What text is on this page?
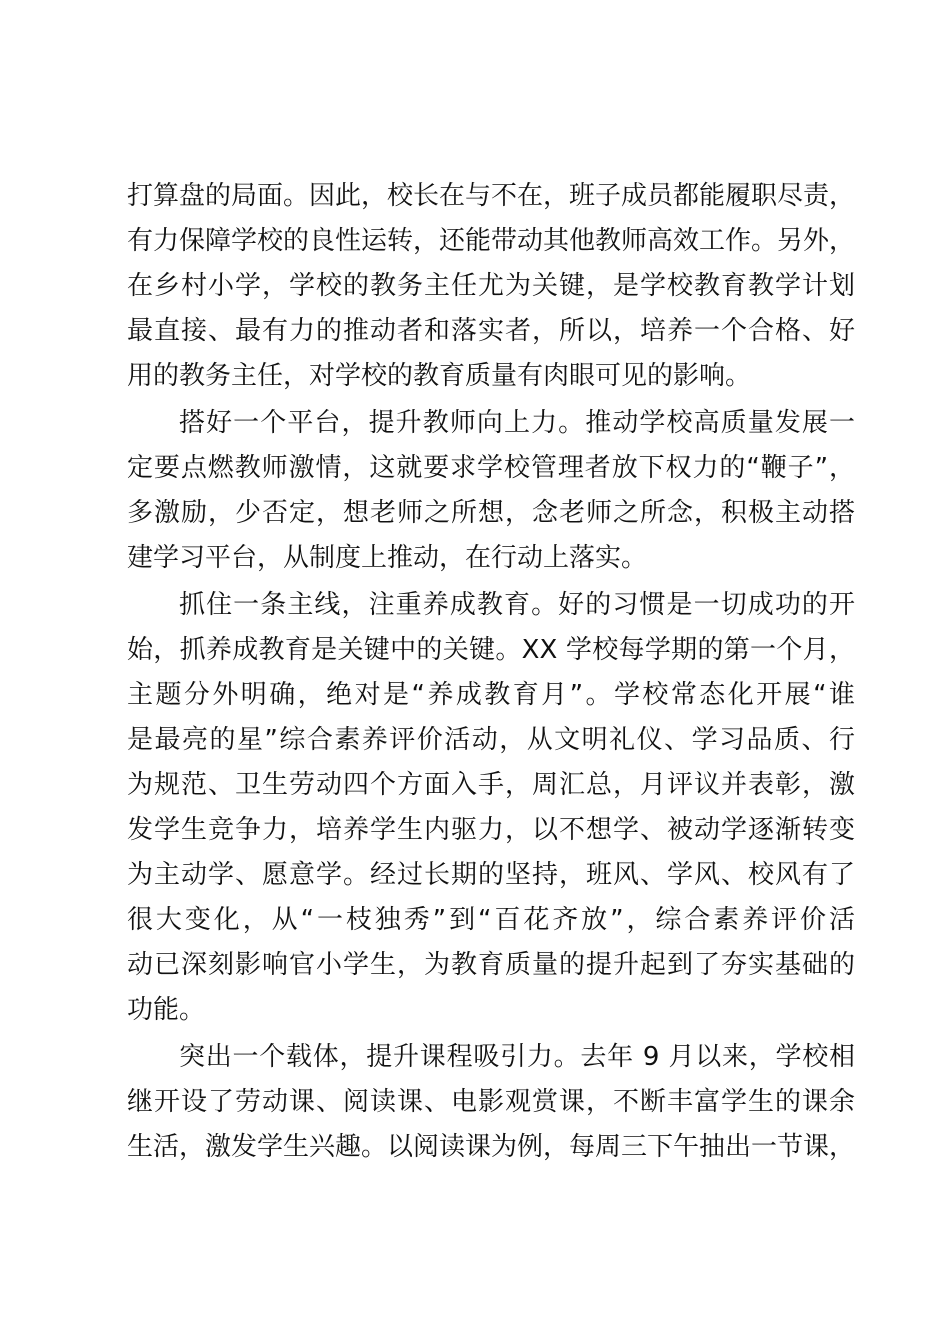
打算盘的局面。因此，校长在与不在，班子成员都能履职尽责，
有力保障学校的良性运转，还能带动其他教师高效工作。另外，
在乡村小学，学校的教务主任尤为关键，是学校教育教学计划
最直接、最有力的推动者和落实者，所以，培养一个合格、好
用的教务主任，对学校的教育质量有肉眼可见的影响。
搭好一个平台，提升教师向上力。推动学校高质量发展一
定要点燃教师激情，这就要求学校管理者放下权力的“鞭子”，
多激励，少否定，想老师之所想，念老师之所念，积极主动搭
建学习平台，从制度上推动，在行动上落实。
抓住一条主线，注重养成教育。好的习惯是一切成功的开
始，抓养成教育是关键中的关键。XX 学校每学期的第一个月，
主题分外明确，绝对是“养成教育月”。学校常态化开展“谁
是最亮的星”综合素养评价活动，从文明礼仪、学习品质、行
为规范、卫生劳动四个方面入手，周汇总，月评议并表彰，激
发学生竞争力，培养学生内驱力，以不想学、被动学逐渐转变
为主动学、愿意学。经过长期的坚持，班风、学风、校风有了
很大变化，从“一枝独秀”到“百花齐放”，综合素养评价活
动已深刻影响官小学生，为教育质量的提升起到了夯实基础的
功能。
突出一个载体，提升课程吸引力。去年 9 月以来，学校相
继开设了劳动课、阅读课、电影观赏课，不断丰富学生的课余
生活，激发学生兴趣。以阅读课为例，每周三下午抽出一节课，
